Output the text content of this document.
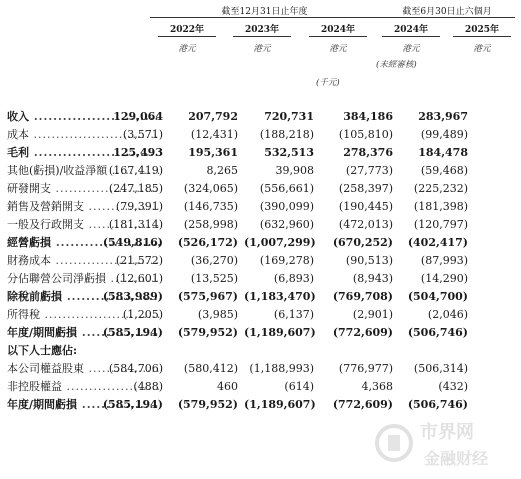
截至12月31日止年度	截至6月30日止六個月
2022年	2023年	2024年	2024年	2025年
港元	港元	港元	港元	港元
(未經審核)
(千元)
收入 .....	129,064	207,792	720,731	384,186	283,967
成本 .....	(3,571)	(12,431)	(188,218)	(105,810)	(99,489)
毛利 .....	125,493	195,361	532,513	278,376	184,478
其他(虧損)/收益淨額 ..... (167,419)	8,265	39,908	(27,773)	(59,468)
研發開支 .....	(247,185)	(324,065)	(556,661)	(258,397)	(225,232)
銷售及營銷開支 .....	(79,391)	(146,735)	(390,099)	(190,445)	(181,398)
一般及行政開支 .....	(181,314)	(258,998)	(632,960)	(472,013)	(120,797)
經營虧損 .....	(549,816)	(526,172) (1,007,299)	(670,252)	(402,417)
財務成本 .....	(21,572)	(36,270)	(169,278)	(90,513)	(87,993)
分佔聯營公司淨虧損 ..... (12,601)	(13,525)	(6,893)	(8,943)	(14,290)
除稅前虧損 .....	(583,989)	(575,967) (1,183,470)	(769,708)	(504,700)
所得稅 .....	(1,205)	(3,985)	(6,137)	(2,901)	(2,046)
年度/期間虧損 .....	(585,194)	(579,952) (1,189,607)	(772,609)	(506,746)
以下人士應佔:
本公司權益股東 .....	(584,706)	(580,412)	(1,188,993)	(776,977)	(506,314)
非控股權益 .....	(488)	460	(614)	4,368	(432)
年度/期間虧損 .....	(585,194)	(579,952) (1,189,607)	(772,609)	(506,746)
市界网
金融财经
